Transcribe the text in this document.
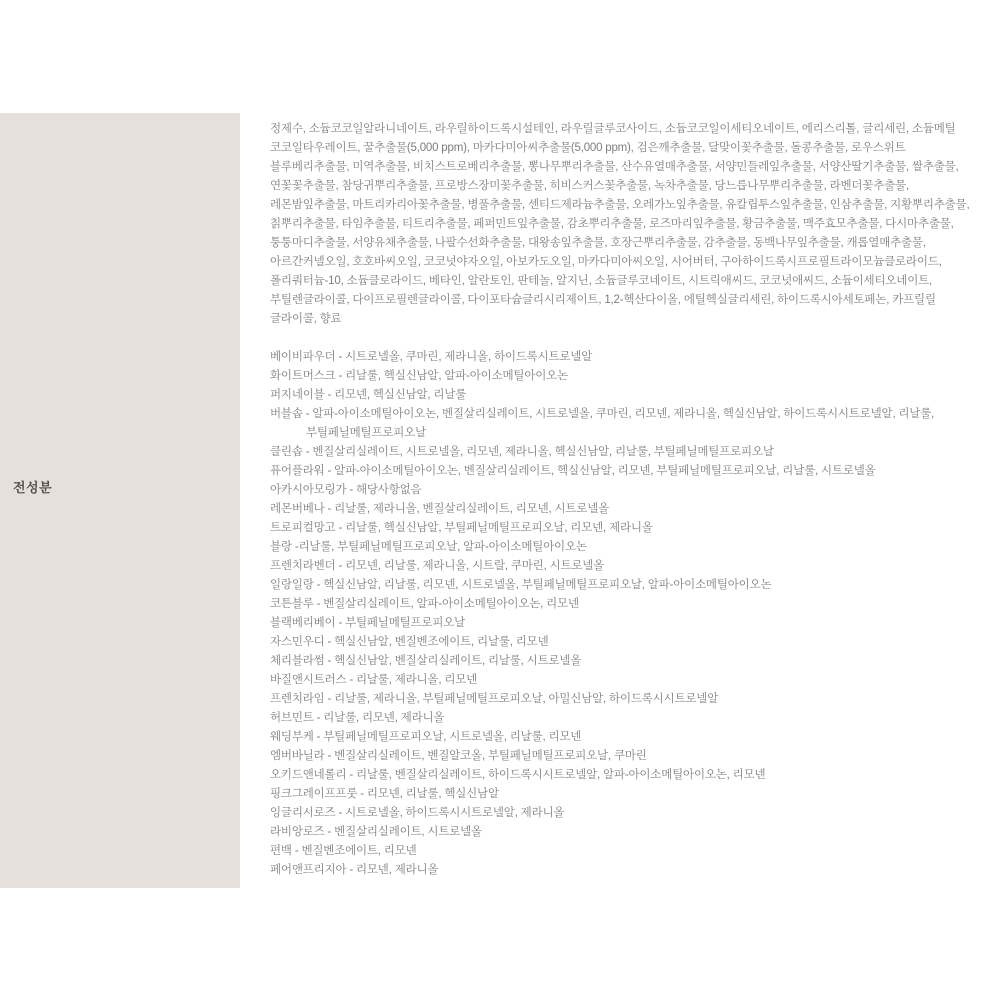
전성분
정제수, 소듐코코일알라니네이트, 라우릴하이드록시설테인, 라우릴글루코사이드, 소듐코코일이세티오네이트, 에리스리톨, 글리세린, 소듐메틸
코코일타우레이트, 꿀추출물(5,000 ppm), 마카다미아씨추출물(5,000 ppm), 검은깨추출물, 달맞이꽃추출물, 돌콩추출물, 로우스위트
블루베리추출물, 미역추출물, 비치스트로베리추출물, 뽕나무뿌리추출물, 산수유열매추출물, 서양민들레잎추출물, 서양산딸기추출물, 쌀추출물,
연꽃꽃추출물, 참당귀뿌리추출물, 프로방스장미꽃추출물, 히비스커스꽃추출물, 녹차추출물, 당느릅나무뿌리추출물, 라벤더꽃추출물,
레몬밤잎추출물, 마트리카리아꽃추출물, 병풀추출물, 센티드제라늄추출물, 오레가노잎추출물, 유칼립투스잎추출물, 인삼추출물, 지황뿌리추출물,
칡뿌리추출물, 타임추출물, 티트리추출물, 페퍼민트잎추출물, 감초뿌리추출물, 로즈마리잎추출물, 황금추출물, 맥주효모추출물, 다시마추출물,
퉁퉁마디추출물, 서양유채추출물, 나팔수선화추출물, 대왕송잎추출물, 호장근뿌리추출물, 감추출물, 동백나무잎추출물, 캐롭열매추출물,
아르간커넬오일, 호호바씨오일, 코코넛야자오일, 아보카도오일, 마카다미아씨오일, 시어버터, 구아하이드록시프로필트라이모늄클로라이드,
폴리쿼터늄-10, 소듐클로라이드, 베타인, 알란토인, 판테놀, 알지닌, 소듐글루코네이트, 시트릭애씨드, 코코넛애씨드, 소듐이세티오네이트,
부틸렌글라이콜, 다이프로필렌글라이콜, 다이포타슘글리시리제이트, 1,2-헥산다이올, 에틸헥실글리세린, 하이드록시아세토페논, 카프릴릴
글라이콜, 향료
베이비파우더 - 시트로넬올, 쿠마린, 제라니올, 하이드록시트로넬알
화이트머스크 - 리날룰, 헥실신남알, 알파-아이소메틸아이오논
퍼지네이블 - 리모넨, 헥실신남알, 리날룰
버블솝 - 알파-아이소메틸아이오논, 벤질살리실레이트, 시트로넬올, 쿠마린, 리모넨, 제라니올, 헥실신남알, 하이드록시시트로넬알, 리날룰,
부틸페닐메틸프로피오날
클린솝 - 벤질살리실레이트, 시트로넬올, 리모넨, 제라니올, 헥실신남알, 리날룰, 부틸페닐메틸프로피오날
퓨어플라워 - 알파-아이소메틸아이오논, 벤질살리실레이트, 헥실신남알, 리모넨, 부틸페닐메틸프로피오날, 리날룰, 시트로넬올
아카시아모링가 - 해당사항없음
레몬버베나 - 리날룰, 제라니올, 벤질살리실레이트, 리모넨, 시트로넬올
트로피컬망고 - 리날룰, 헥실신남알, 부틸페닐메틸프로피오날, 리모넨, 제라니올
블랑 -리날룰, 부틸페닐메틸프로피오날, 알파-아이소메틸아이오논
프렌치라벤더 - 리모넨, 리날룰, 제라니올, 시트랄, 쿠마린, 시트로넬올
일랑일랑 - 헥실신남알, 리날룰, 리모넨, 시트로넬올, 부틸페닐메틸프로피오날, 알파-아이소메틸아이오논
코튼블루 - 벤질살리실레이트, 알파-아이소메틸아이오논, 리모넨
블랙베리베이 - 부틸페닐메틸프로피오날
자스민우디 - 헥실신남알, 벤질벤조에이트, 리날룰, 리모넨
체리블라썸 - 헥실신남알, 벤질살리실레이트, 리날룰, 시트로넬올
바질앤시트러스 - 리날룰, 제라니올, 리모넨
프렌치라임 - 리날룰, 제라니올, 부틸페닐메틸프로피오날, 아밀신남알, 하이드록시시트로넬알
허브민트 - 리날룰, 리모넨, 제라니올
웨딩부케 - 부틸페닐메틸프로피오날, 시트로넬올, 리날룰, 리모넨
엠버바닐라 - 벤질살리실레이트, 벤질알코올, 부틸페닐메틸프로피오날, 쿠마린
오키드앤네롤리 - 리날룰, 벤질살리실레이트, 하이드록시시트로넬알, 알파-아이소메틸아이오논, 리모넨
핑크그레이프프룻 - 리모넨, 리날룰, 헥실신남알
잉글리시로즈 - 시트로넬올, 하이드록시시트로넬알, 제라니올
라비앙로즈 - 벤질살리실레이트, 시트로넬올
편백 - 벤질벤조에이트, 리모넨
페어앤프리지아 - 리모넨, 제라니올
